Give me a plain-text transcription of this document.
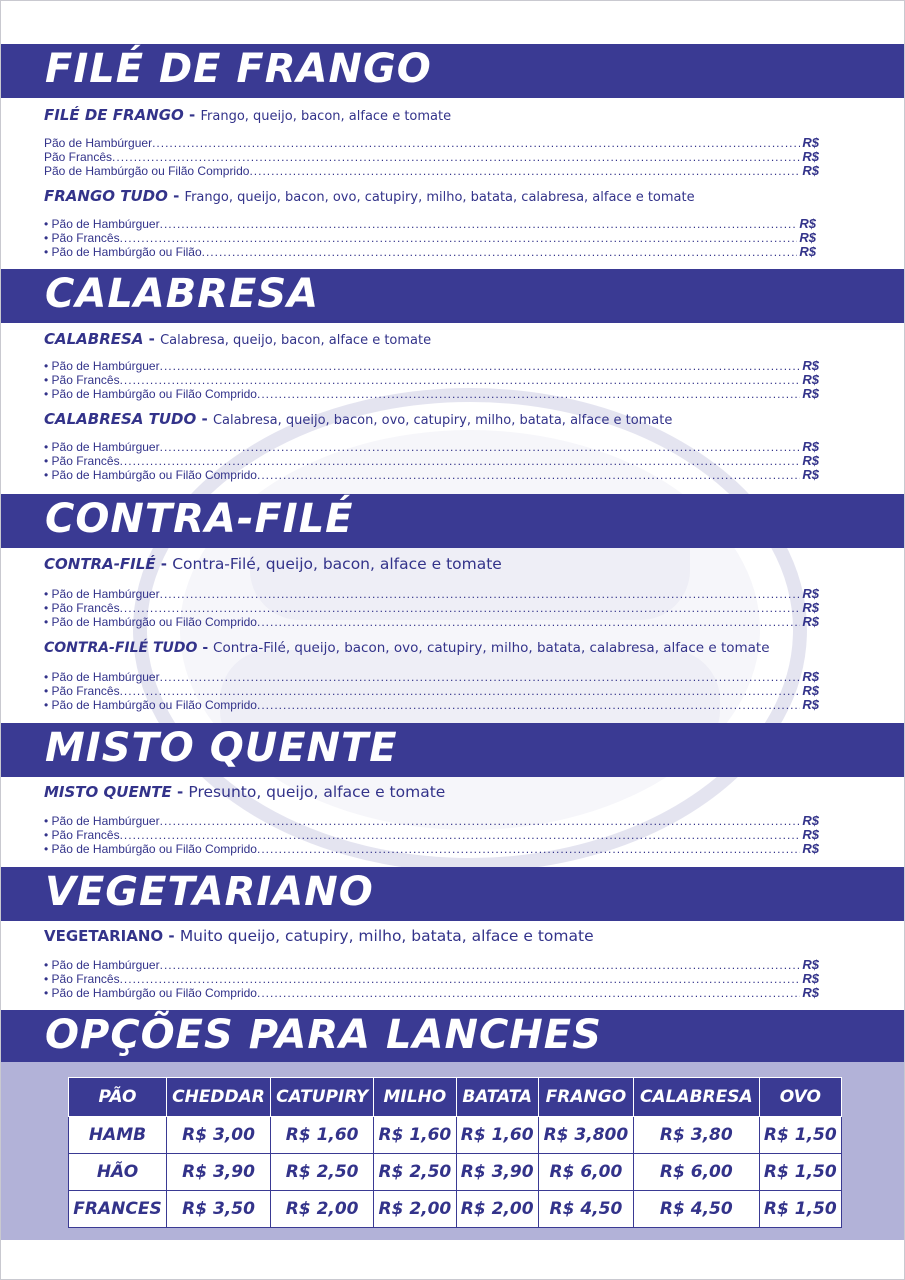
FILÉ DE FRANGO
FILÉ DE FRANGO - Frango, queijo, bacon, alface e tomate
Pão de Hambúrguer .....	R$
Pão Francês .....	R$
Pão de Hambúrgão ou Filão Comprido .....	R$
FRANGO TUDO - Frango, queijo, bacon, ovo, catupiry, milho, batata, calabresa, alface e tomate
• Pão de Hambúrguer .....	R$
• Pão Francês .....	R$
• Pão de Hambúrgão ou Filão .....	R$
CALABRESA
CALABRESA - Calabresa, queijo, bacon, alface e tomate
• Pão de Hambúrguer .....	R$
• Pão Francês .....	R$
• Pão de Hambúrgão ou Filão Comprido .....	R$
CALABRESA TUDO - Calabresa, queijo, bacon, ovo, catupiry, milho, batata, alface e tomate
• Pão de Hambúrguer .....	R$
• Pão Francês .....	R$
• Pão de Hambúrgão ou Filão Comprido .....	R$
CONTRA-FILÉ
CONTRA-FILÉ - Contra-Filé, queijo, bacon, alface e tomate
• Pão de Hambúrguer .....	R$
• Pão Francês .....	R$
• Pão de Hambúrgão ou Filão Comprido .....	R$
CONTRA-FILÉ TUDO - Contra-Filé, queijo, bacon, ovo, catupiry, milho, batata, calabresa, alface e tomate
• Pão de Hambúrguer .....	R$
• Pão Francês .....	R$
• Pão de Hambúrgão ou Filão Comprido .....	R$
MISTO QUENTE
MISTO QUENTE - Presunto, queijo, alface e tomate
• Pão de Hambúrguer .....	R$
• Pão Francês .....	R$
• Pão de Hambúrgão ou Filão Comprido .....	R$
VEGETARIANO
VEGETARIANO - Muito queijo, catupiry, milho, batata, alface e tomate
• Pão de Hambúrguer .....	R$
• Pão Francês .....	R$
• Pão de Hambúrgão ou Filão Comprido .....	R$
OPÇÕES PARA LANCHES
PÃO	CHEDDAR	CATUPIRY	MILHO	BATATA	FRANGO	CALABRESA	OVO
HAMB	R$ 3,00	R$ 1,60	R$ 1,60	R$ 1,60	R$ 3,800	R$ 3,80	R$ 1,50
HÃO	R$ 3,90	R$ 2,50	R$ 2,50	R$ 3,90	R$ 6,00	R$ 6,00	R$ 1,50
FRANCES	R$ 3,50	R$ 2,00	R$ 2,00	R$ 2,00	R$ 4,50	R$ 4,50	R$ 1,50
